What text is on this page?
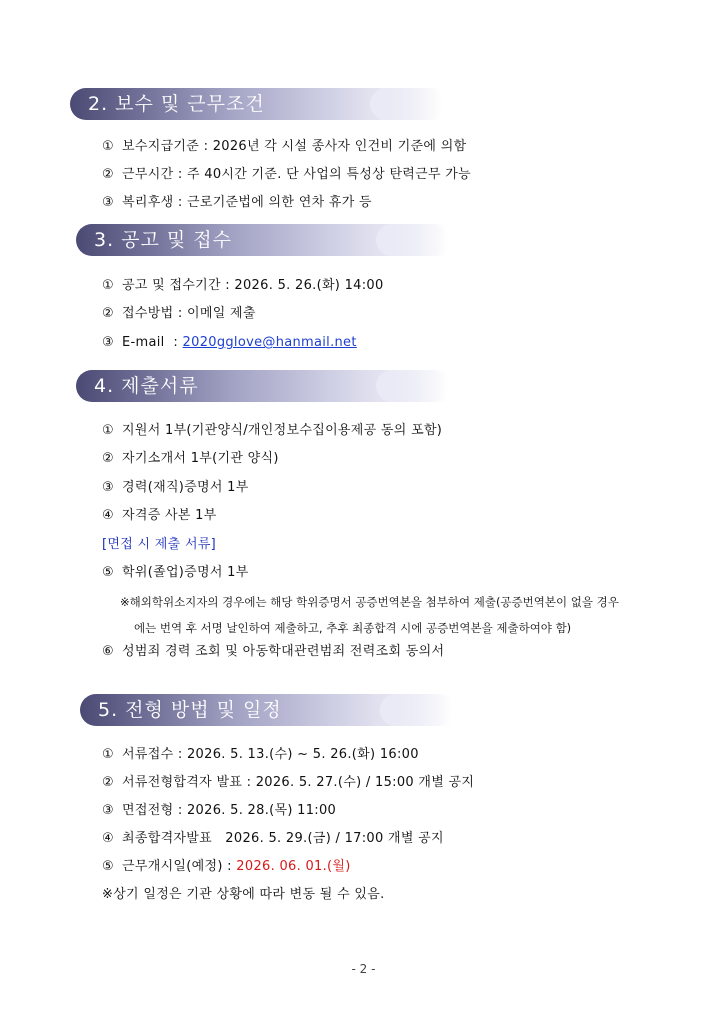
2. 보수 및 근무조건
① 보수지급기준 : 2026년 각 시설 종사자 인건비 기준에 의함
② 근무시간 : 주 40시간 기준. 단 사업의 특성상 탄력근무 가능
③ 복리후생 : 근로기준법에 의한 연차 휴가 등
3. 공고 및 접수
① 공고 및 접수기간 : 2026. 5. 26.(화) 14:00
② 접수방법 : 이메일 제출
③ E-mail  : 2020gglove@hanmail.net
4. 제출서류
① 지원서 1부(기관양식/개인정보수집이용제공 동의 포함)
② 자기소개서 1부(기관 양식)
③ 경력(재직)증명서 1부
④ 자격증 사본 1부
[면접 시 제출 서류]
⑤ 학위(졸업)증명서 1부
※해외학위소지자의 경우에는 해당 학위증명서 공증번역본을 첨부하여 제출(공증번역본이 없을 경우
에는 번역 후 서명 날인하여 제출하고, 추후 최종합격 시에 공증번역본을 제출하여야 함)
⑥ 성범죄 경력 조회 및 아동학대관련범죄 전력조회 동의서
5. 전형 방법 및 일정
① 서류접수 : 2026. 5. 13.(수) ~ 5. 26.(화) 16:00
② 서류전형합격자 발표 : 2026. 5. 27.(수) / 15:00 개별 공지
③ 면접전형 : 2026. 5. 28.(목) 11:00
④ 최종합격자발표   2026. 5. 29.(금) / 17:00 개별 공지
⑤ 근무개시일(예정) : 2026. 06. 01.(월)
※상기 일정은 기관 상황에 따라 변동 될 수 있음.
- 2 -
